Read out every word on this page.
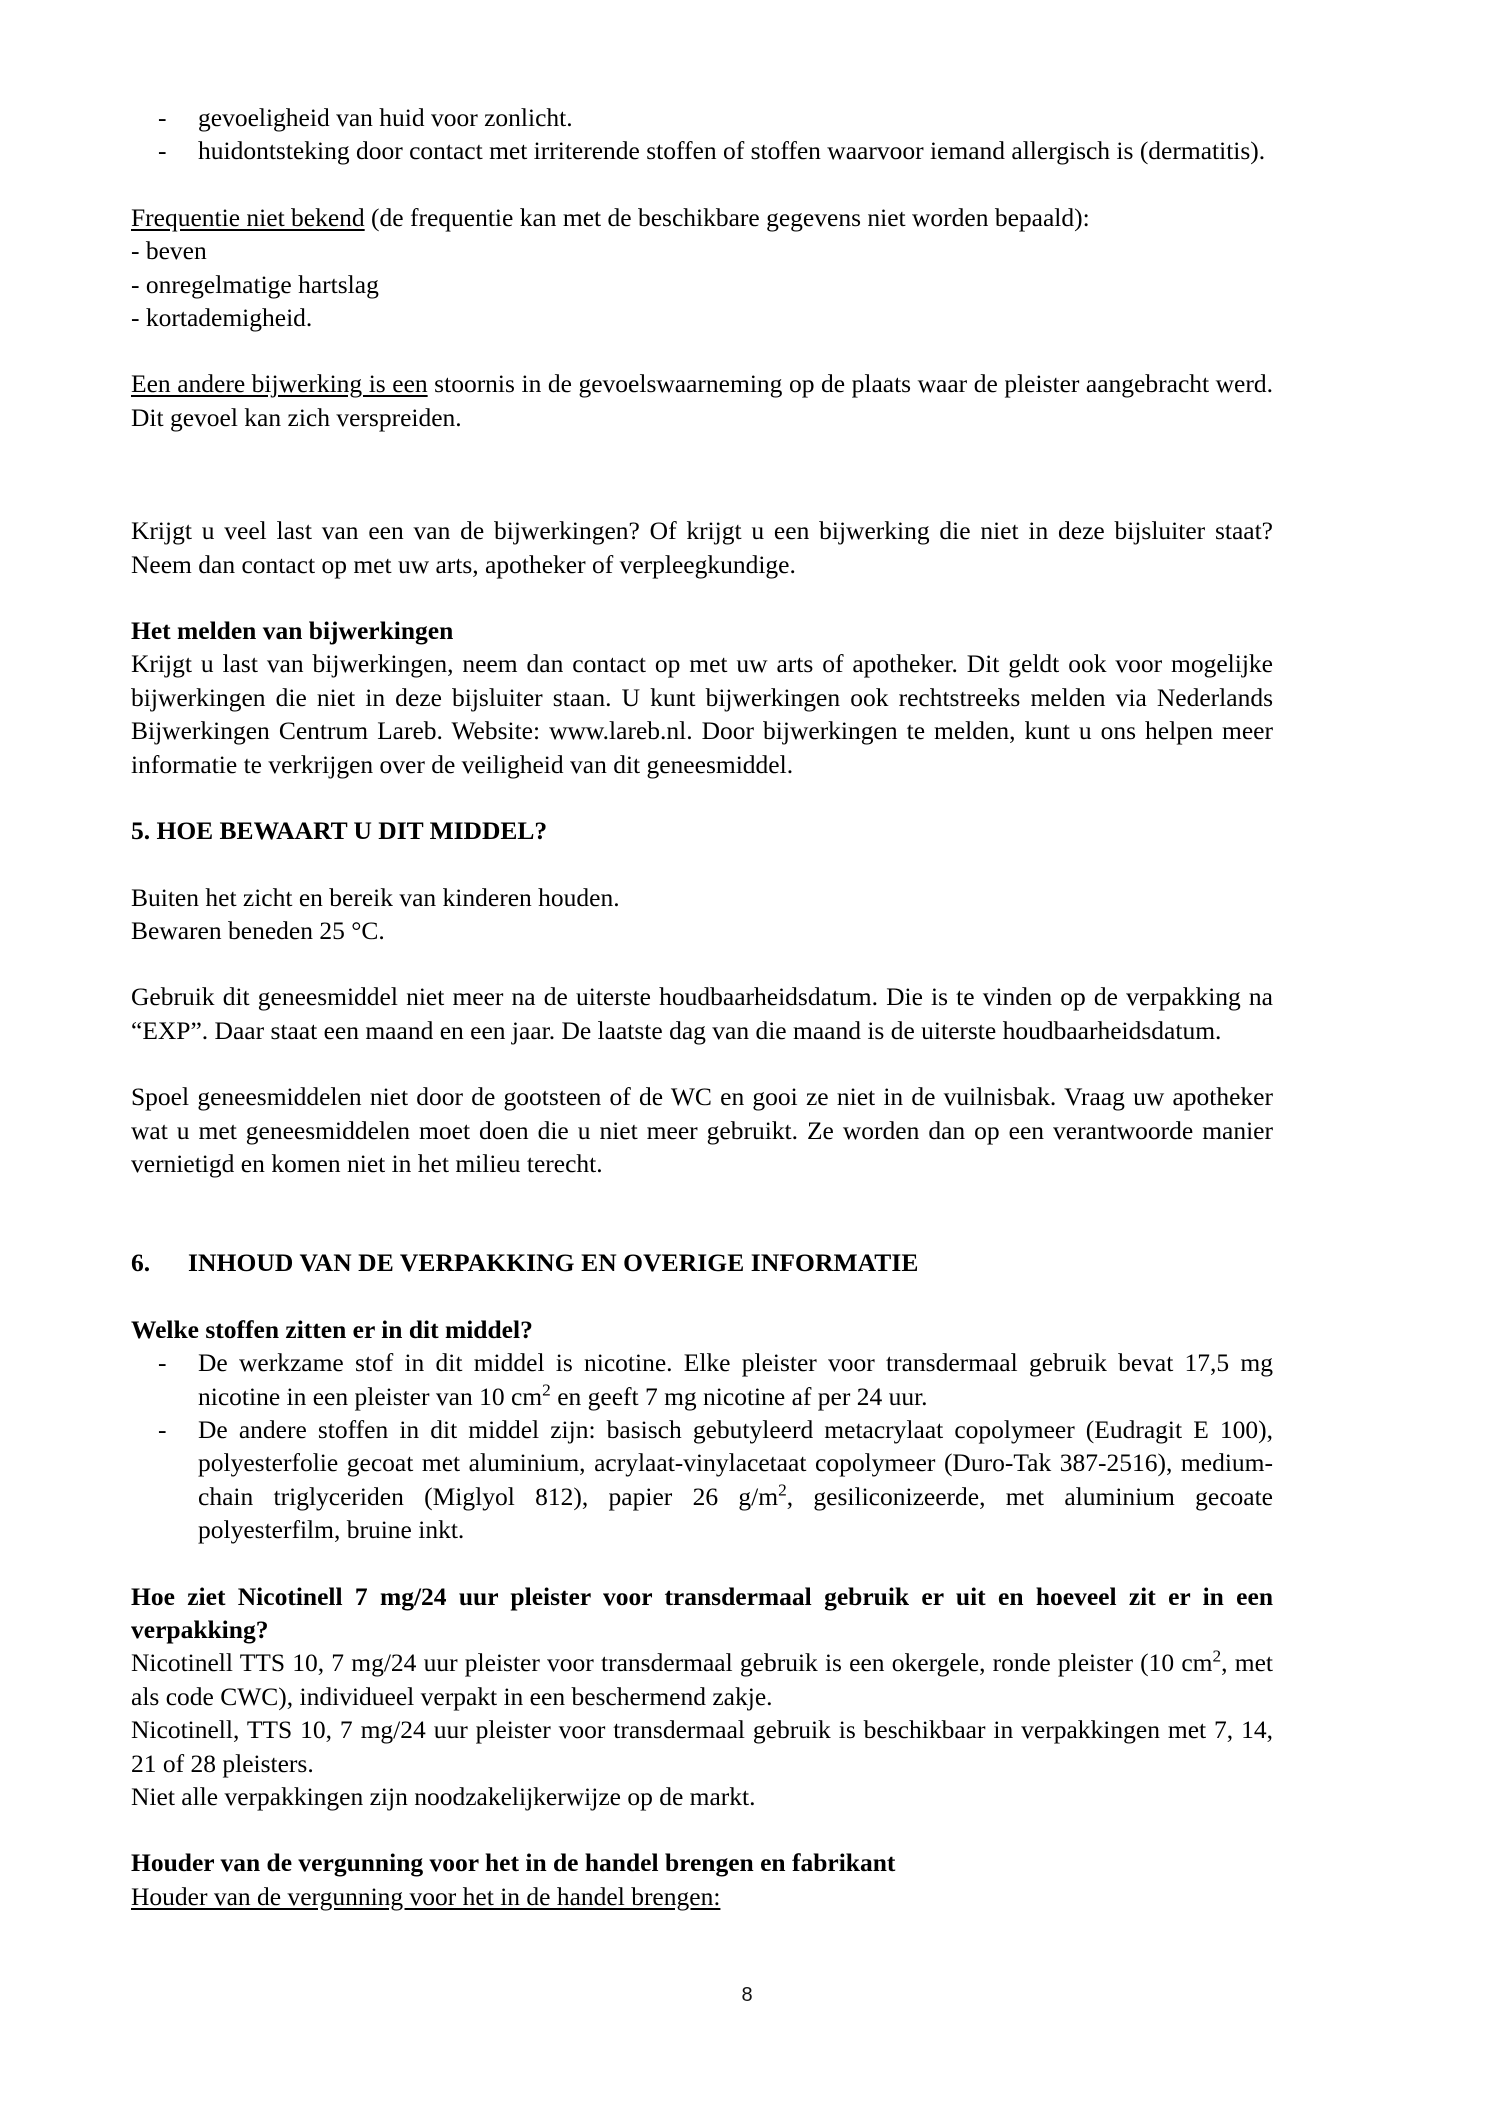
- gevoeligheid van huid voor zonlicht.
- huidontsteking door contact met irriterende stoffen of stoffen waarvoor iemand allergisch is (dermatitis).

Frequentie niet bekend (de frequentie kan met de beschikbare gegevens niet worden bepaald):

- beven

- onregelmatige hartslag

- kortademigheid.

Een andere bijwerking is een stoornis in de gevoelswaarneming op de plaats waar de pleister aangebracht werd. Dit gevoel kan zich verspreiden.

Krijgt u veel last van een van de bijwerkingen? Of krijgt u een bijwerking die niet in deze bijsluiter staat? Neem dan contact op met uw arts, apotheker of verpleegkundige.

Het melden van bijwerkingen

Krijgt u last van bijwerkingen, neem dan contact op met uw arts of apotheker. Dit geldt ook voor mogelijke bijwerkingen die niet in deze bijsluiter staan. U kunt bijwerkingen ook rechtstreeks melden via Nederlands Bijwerkingen Centrum Lareb. Website: www.lareb.nl. Door bijwerkingen te melden, kunt u ons helpen meer informatie te verkrijgen over de veiligheid van dit geneesmiddel.

5. HOE BEWAART U DIT MIDDEL?

Buiten het zicht en bereik van kinderen houden.

Bewaren beneden 25 °C.

Gebruik dit geneesmiddel niet meer na de uiterste houdbaarheidsdatum. Die is te vinden op de verpakking na “EXP”. Daar staat een maand en een jaar. De laatste dag van die maand is de uiterste houdbaarheidsdatum.

Spoel geneesmiddelen niet door de gootsteen of de WC en gooi ze niet in de vuilnisbak. Vraag uw apotheker wat u met geneesmiddelen moet doen die u niet meer gebruikt. Ze worden dan op een verantwoorde manier vernietigd en komen niet in het milieu terecht.

6.	INHOUD VAN DE VERPAKKING EN OVERIGE INFORMATIE

Welke stoffen zitten er in dit middel?

- De werkzame stof in dit middel is nicotine. Elke pleister voor transdermaal gebruik bevat 17,5 mg nicotine in een pleister van 10 $cm^2$ en geeft 7 mg nicotine af per 24 uur.
- De andere stoffen in dit middel zijn: basisch gebutyleerd metacrylaat copolymeer (Eudragit E 100), polyesterfolie gecoat met aluminium, acrylaat-vinylacetaat copolymeer (Duro-Tak 387-2516), medium-chain triglyceriden (Miglyol 812), papier 26 $g/m^2$, gesiliconizeerde, met aluminium gecoate polyesterfilm, bruine inkt.

Hoe ziet Nicotinell 7 mg/24 uur pleister voor transdermaal gebruik er uit en hoeveel zit er in een verpakking?

Nicotinell TTS 10, 7 mg/24 uur pleister voor transdermaal gebruik is een okergele, ronde pleister (10 $cm^2$, met als code CWC), individueel verpakt in een beschermend zakje.

Nicotinell, TTS 10, 7 mg/24 uur pleister voor transdermaal gebruik is beschikbaar in verpakkingen met 7, 14, 21 of 28 pleisters.

Niet alle verpakkingen zijn noodzakelijkerwijze op de markt.

Houder van de vergunning voor het in de handel brengen en fabrikant

Houder van de vergunning voor het in de handel brengen:

8
